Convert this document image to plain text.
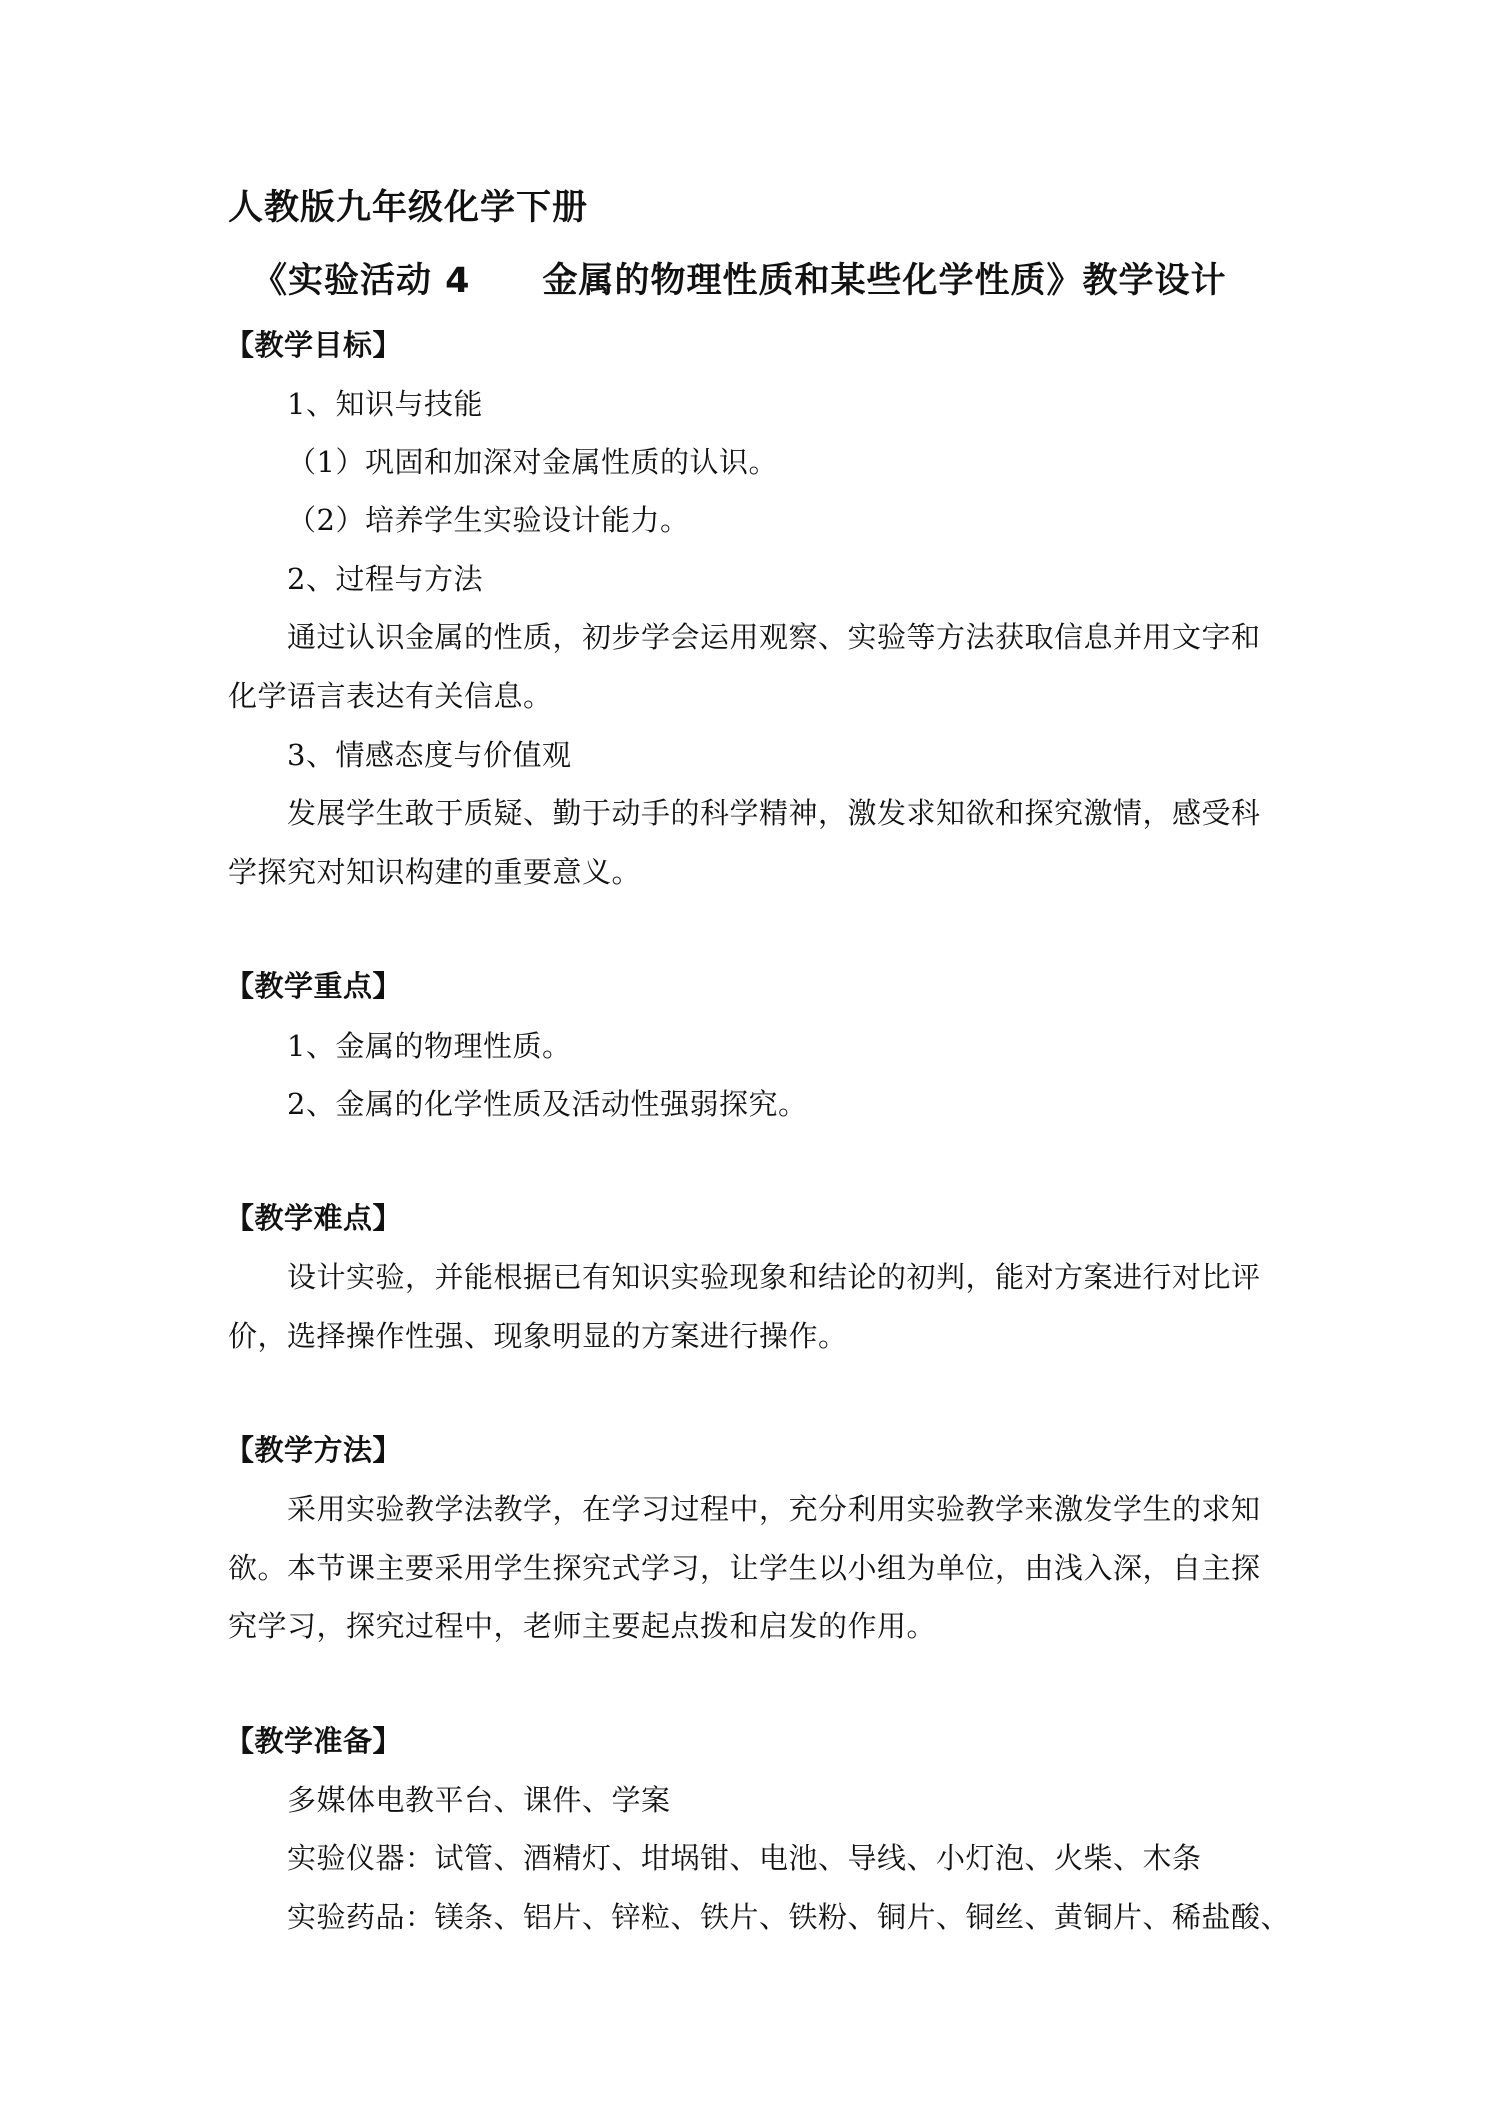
人教版九年级化学下册
《实验活动 4　　金属的物理性质和某些化学性质》教学设计
【教学目标】
1、知识与技能
（1）巩固和加深对金属性质的认识。
（2）培养学生实验设计能力。
2、过程与方法
通过认识金属的性质，初步学会运用观察、实验等方法获取信息并用文字和
化学语言表达有关信息。
3、情感态度与价值观
发展学生敢于质疑、勤于动手的科学精神，激发求知欲和探究激情，感受科
学探究对知识构建的重要意义。
【教学重点】
1、金属的物理性质。
2、金属的化学性质及活动性强弱探究。
【教学难点】
设计实验，并能根据已有知识实验现象和结论的初判，能对方案进行对比评
价，选择操作性强、现象明显的方案进行操作。
【教学方法】
采用实验教学法教学，在学习过程中，充分利用实验教学来激发学生的求知
欲。本节课主要采用学生探究式学习，让学生以小组为单位，由浅入深，自主探
究学习，探究过程中，老师主要起点拨和启发的作用。
【教学准备】
多媒体电教平台、课件、学案
实验仪器：试管、酒精灯、坩埚钳、电池、导线、小灯泡、火柴、木条
实验药品：镁条、铝片、锌粒、铁片、铁粉、铜片、铜丝、黄铜片、稀盐酸、
